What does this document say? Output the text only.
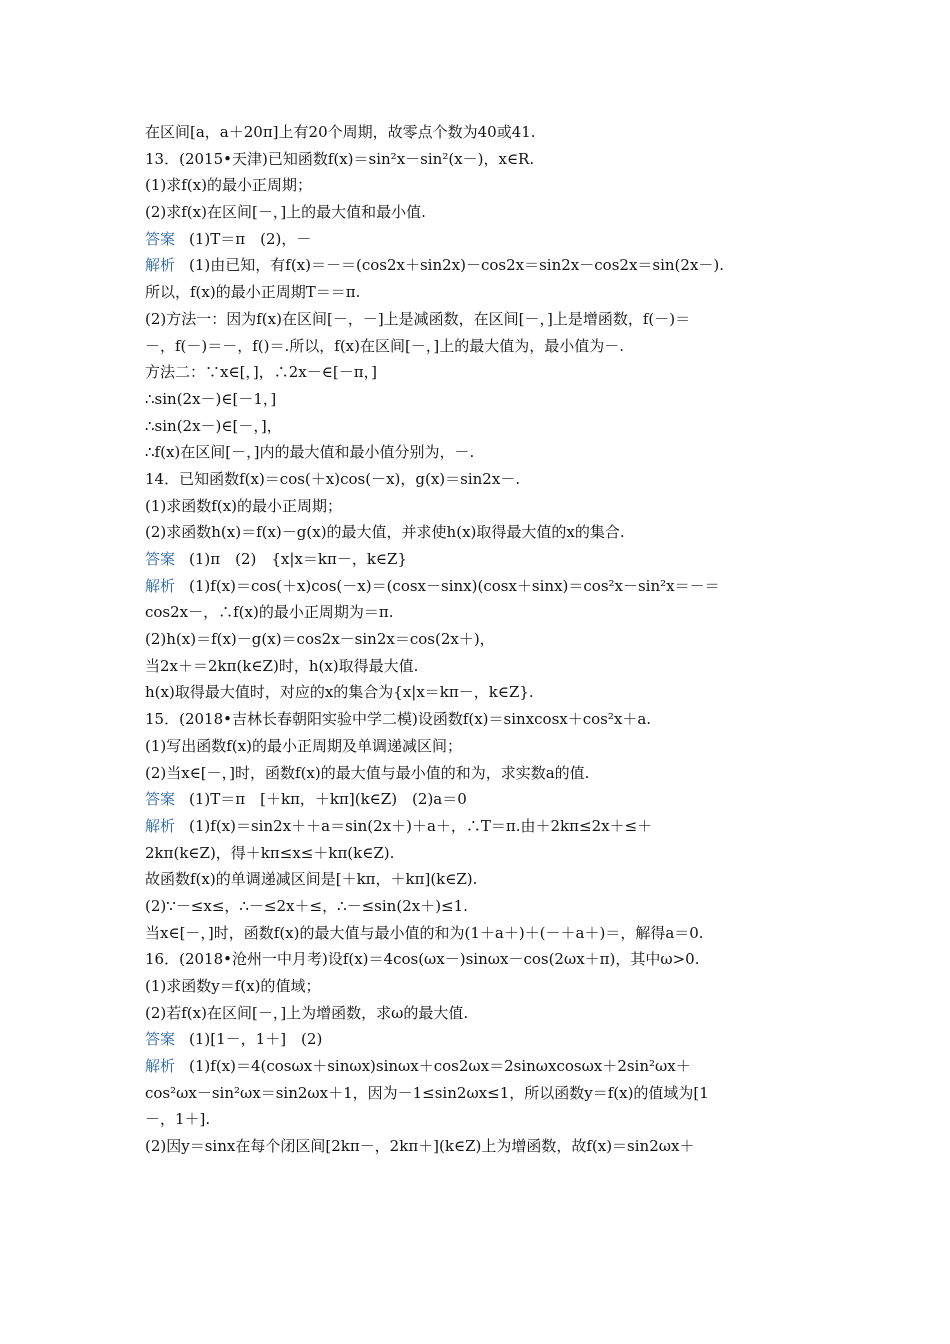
在区间[a，a＋20π]上有20个周期，故零点个数为40或41.
13．(2015•天津)已知函数f(x)＝sin²x－sin²(x－)，x∈R.
(1)求f(x)的最小正周期；
(2)求f(x)在区间[－，]上的最大值和最小值.
答案 (1)T＝π　(2)，－
解析 (1)由已知，有f(x)＝－＝(cos2x＋sin2x)－cos2x＝sin2x－cos2x＝sin(2x－).
所以，f(x)的最小正周期T＝＝π.
(2)方法一：因为f(x)在区间[－，－]上是减函数，在区间[－，]上是增函数，f(－)＝
－，f(－)＝－，f()＝.所以，f(x)在区间[－，]上的最大值为，最小值为－.
方法二：∵x∈[，]，∴2x－∈[－π，]
∴sin(2x－)∈[－1，]
∴sin(2x－)∈[－，]，
∴f(x)在区间[－，]内的最大值和最小值分别为，－.
14．已知函数f(x)＝cos(＋x)cos(－x)，g(x)＝sin2x－.
(1)求函数f(x)的最小正周期；
(2)求函数h(x)＝f(x)－g(x)的最大值，并求使h(x)取得最大值的x的集合.
答案 (1)π　(2)　{x|x＝kπ－，k∈Z}
解析 (1)f(x)＝cos(＋x)cos(－x)＝(cosx－sinx)(cosx＋sinx)＝cos²x－sin²x＝－＝
cos2x－，∴f(x)的最小正周期为＝π.
(2)h(x)＝f(x)－g(x)＝cos2x－sin2x＝cos(2x＋)，
当2x＋＝2kπ(k∈Z)时，h(x)取得最大值.
h(x)取得最大值时，对应的x的集合为{x|x＝kπ－，k∈Z}.
15．(2018•吉林长春朝阳实验中学二模)设函数f(x)＝sinxcosx＋cos²x＋a.
(1)写出函数f(x)的最小正周期及单调递减区间；
(2)当x∈[－，]时，函数f(x)的最大值与最小值的和为，求实数a的值.
答案 (1)T＝π　[＋kπ，＋kπ](k∈Z)　(2)a＝0
解析 (1)f(x)＝sin2x＋＋a＝sin(2x＋)＋a＋，∴T＝π.由＋2kπ≤2x＋≤＋
2kπ(k∈Z)，得＋kπ≤x≤＋kπ(k∈Z).
故函数f(x)的单调递减区间是[＋kπ，＋kπ](k∈Z).
(2)∵－≤x≤，∴－≤2x＋≤，∴－≤sin(2x＋)≤1.
当x∈[－，]时，函数f(x)的最大值与最小值的和为(1＋a＋)＋(－＋a＋)＝，解得a＝0.
16．(2018•沧州一中月考)设f(x)＝4cos(ωx－)sinωx－cos(2ωx＋π)，其中ω>0.
(1)求函数y＝f(x)的值域；
(2)若f(x)在区间[－，]上为增函数，求ω的最大值.
答案 (1)[1－，1＋]　(2)
解析 (1)f(x)＝4(cosωx＋sinωx)sinωx＋cos2ωx＝2sinωxcosωx＋2sin²ωx＋
cos²ωx－sin²ωx＝sin2ωx＋1，因为－1≤sin2ωx≤1，所以函数y＝f(x)的值域为[1
－，1＋].
(2)因y＝sinx在每个闭区间[2kπ－，2kπ＋](k∈Z)上为增函数，故f(x)＝sin2ωx＋
